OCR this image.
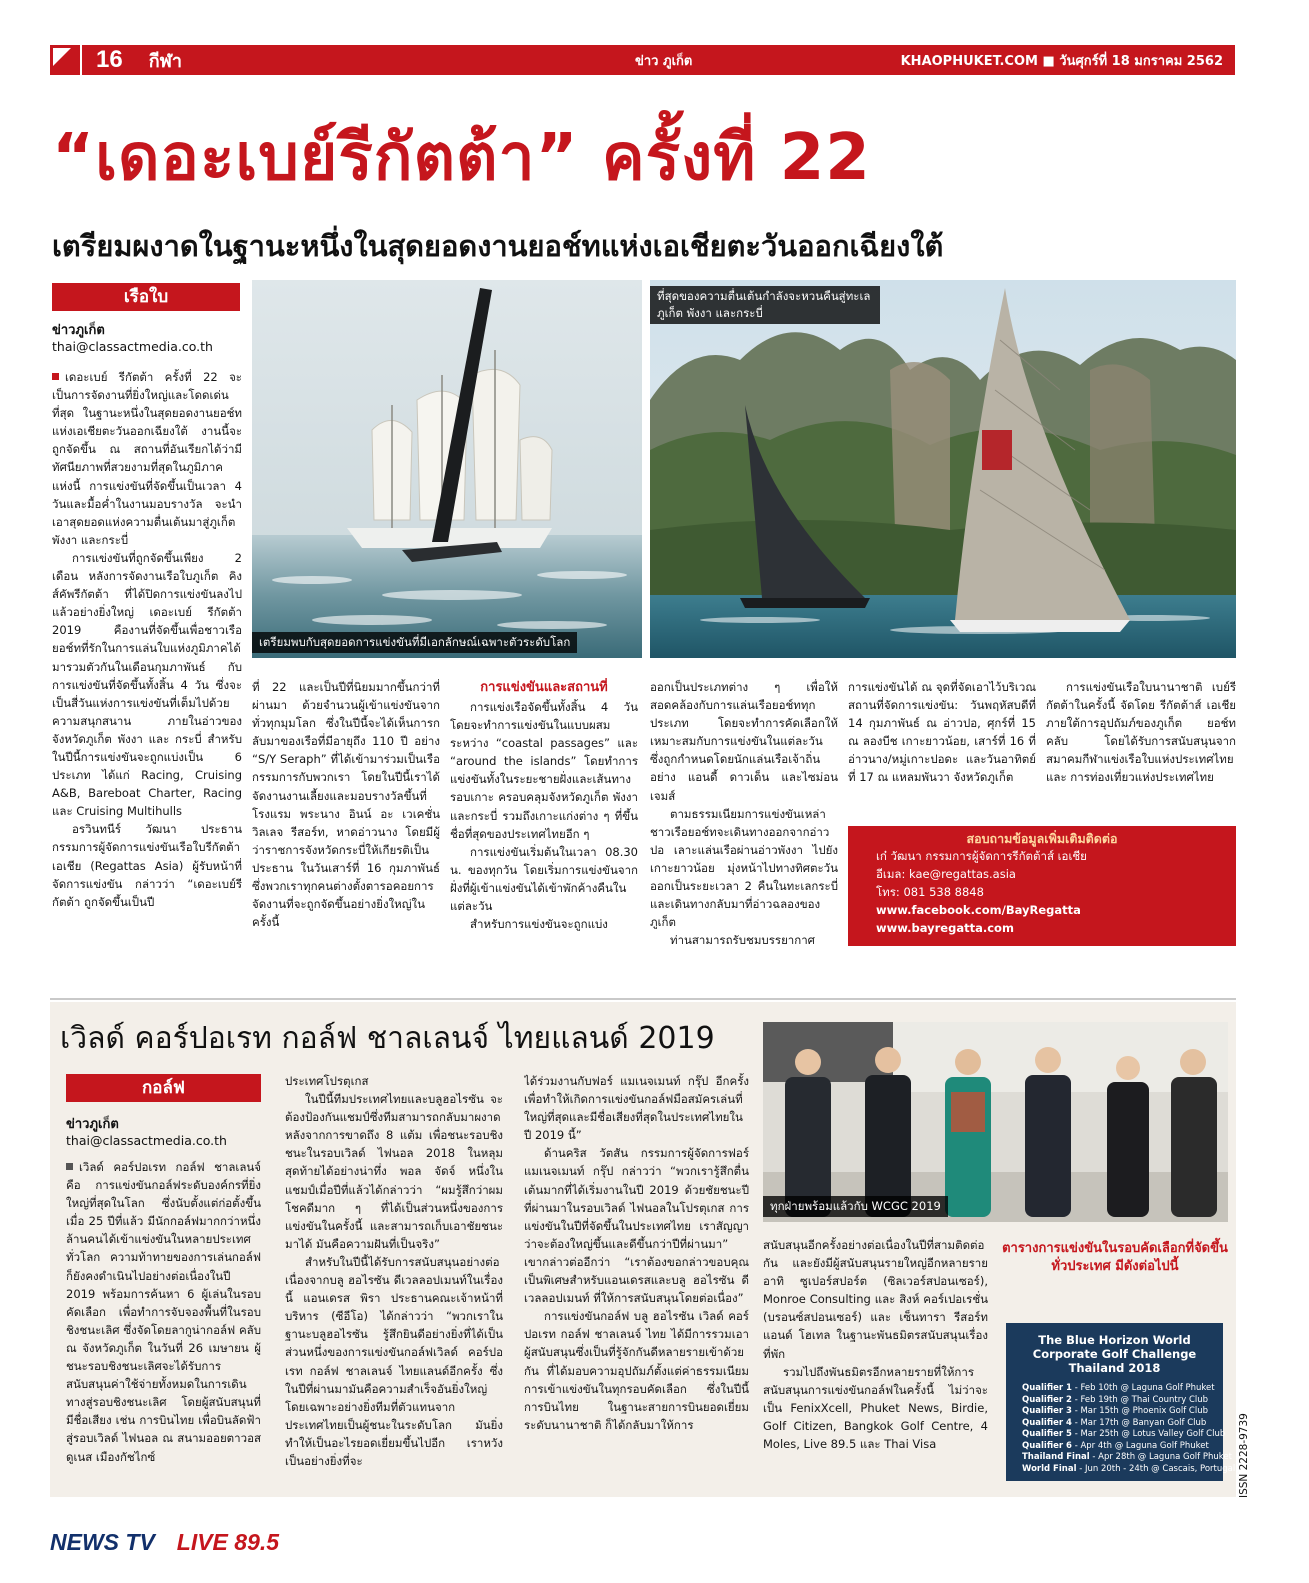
16 กีฬา	ข่าว ภูเก็ต	KHAOPHUKET.COM ■ วันศุกร์ที่ 18 มกราคม 2562
“เดอะเบย์รีกัตต้า” ครั้งที่ 22
เตรียมผงาดในฐานะหนึ่งในสุดยอดงานยอช์ทแห่งเอเชียตะวันออกเฉียงใต้
เรือใบ
ข่าวภูเก็ต
thai@classactmedia.co.th
เตรียมพบกับสุดยอดการแข่งขันที่มีเอกลักษณ์เฉพาะตัวระดับโลก
ที่สุดของความตื่นเต้นกำลังจะหวนคืนสู่ทะเล ภูเก็ต พังงา และกระบี่

เดอะเบย์ รีกัตต้า ครั้งที่ 22 จะเป็นการจัดงานที่ยิ่งใหญ่และโดดเด่นที่สุด ในฐานะหนึ่งในสุดยอดงานยอช์ทแห่งเอเชียตะวันออกเฉียงใต้ งานนี้จะถูกจัดขึ้น ณ สถานที่อันเรียกได้ว่ามีทัศนียภาพที่สวยงามที่สุดในภูมิภาคแห่งนี้ การแข่งขันที่จัดขึ้นเป็นเวลา 4 วันและมื้อค่ำในงานมอบรางวัล จะนำเอาสุดยอดแห่งความตื่นเต้นมาสู่ภูเก็ต พังงา และกระบี่

การแข่งขันที่ถูกจัดขึ้นเพียง 2 เดือน หลังการจัดงานเรือใบภูเก็ต คิงส์คัพรีกัตต้า ที่ได้ปิดการแข่งขันลงไปแล้วอย่างยิ่งใหญ่ เดอะเบย์ รีกัตต้า 2019 คืองานที่จัดขึ้นเพื่อชาวเรือยอช์ทที่รักในการแล่นใบแห่งภูมิภาคได้มารวมตัวกันในเดือนกุมภาพันธ์ กับการแข่งขันที่จัดขึ้นทั้งสิ้น 4 วัน ซึ่งจะเป็นสี่วันแห่งการแข่งขันที่เต็มไปด้วยความสนุกสนาน ภายในอ่าวของจังหวัดภูเก็ต พังงา และ กระบี่ สำหรับในปีนี้การแข่งขันจะถูกแบ่งเป็น 6 ประเภท ได้แก่ Racing, Cruising A&B, Bareboat Charter, Racing และ Cruising Multihulls

อรวินทนีร์ วัฒนา ประธานกรรมการผู้จัดการแข่งขันเรือใบรีกัตต้า เอเชีย (Regattas Asia) ผู้รับหน้าที่จัดการแข่งขัน กล่าวว่า “เดอะเบย์รีกัตต้า ถูกจัดขึ้นเป็นปี

ที่ 22 และเป็นปีที่นิยมมากขึ้นกว่าที่ผ่านมา ด้วยจำนวนผู้เข้าแข่งขันจากทั่วทุกมุมโลก ซึ่งในปีนี้จะได้เห็นการกลับมาของเรือที่มีอายุถึง 110 ปี อย่าง “S/Y Seraph” ที่ได้เข้ามาร่วมเป็นเรือกรรมการกับพวกเรา โดยในปีนี้เราได้จัดงานงานเลี้ยงและมอบรางวัลขึ้นที่โรงแรม พระนาง อินน์ อะ เวเคชั่น วิลเลจ รีสอร์ท, หาดอ่าวนาง โดยมีผู้ว่าราชการจังหวัดกระบี่ให้เกียรติเป็นประธาน ในวันเสาร์ที่ 16 กุมภาพันธ์ ซึ่งพวกเราทุกคนต่างตั้งตารอคอยการจัดงานที่จะถูกจัดขึ้นอย่างยิ่งใหญ่ในครั้งนี้

การแข่งขันและสถานที่

การแข่งเรือจัดขึ้นทั้งสิ้น 4 วัน โดยจะทำการแข่งขันในแบบผสมระหว่าง “coastal passages” และ “around the islands” โดยทำการแข่งขันทั้งในระยะชายฝั่งและเส้นทางรอบเกาะ ครอบคลุมจังหวัดภูเก็ต พังงา และกระบี่ รวมถึงเกาะแก่งต่าง ๆ ที่ขึ้นชื่อที่สุดของประเทศไทยอีก ๆ

การแข่งขันเริ่มต้นในเวลา 08.30 น. ของทุกวัน โดยเริ่มการแข่งขันจากฝั่งที่ผู้เข้าแข่งขันได้เข้าพักค้างคืนในแต่ละวัน

สำหรับการแข่งขันจะถูกแบ่ง

ออกเป็นประเภทต่าง ๆ เพื่อให้สอดคล้องกับการแล่นเรือยอช์ททุกประเภท โดยจะทำการคัดเลือกให้เหมาะสมกับการแข่งขันในแต่ละวัน ซึ่งถูกกำหนดโดยนักแล่นเรือเจ้าถิ่นอย่าง แอนดี้ ดาวเด็น และไซม่อน เจมส์

ตามธรรมเนียมการแข่งขันเหล่าชาวเรือยอช์ทจะเดินทางออกจากอ่าวปอ เลาะแล่นเรือผ่านอ่าวพังงา ไปยังเกาะยาวน้อย มุ่งหน้าไปทางทิศตะวันออกเป็นระยะเวลา 2 คืนในทะเลกระบี่ และเดินทางกลับมาที่อ่าวฉลองของภูเก็ต

ท่านสามารถรับชมบรรยากาศ

การแข่งขันได้ ณ จุดที่จัดเอาไว้บริเวณสถานที่จัดการแข่งขัน: วันพฤหัสบดีที่ 14 กุมภาพันธ์ ณ อ่าวปอ, ศุกร์ที่ 15 ณ ลองบีช เกาะยาวน้อย, เสาร์ที่ 16 ที่ อ่าวนาง/หมู่เกาะปอดะ และวันอาทิตย์ที่ 17 ณ แหลมพันวา จังหวัดภูเก็ต

การแข่งขันเรือใบนานาชาติ เบย์รีกัตต้าในครั้งนี้ จัดโดย รีกัตต้าส์ เอเชีย ภายใต้การอุปถัมภ์ของภูเก็ต ยอช์ท คลับ โดยได้รับการสนับสนุนจากสมาคมกีฬาแข่งเรือใบแห่งประเทศไทย และ การท่องเที่ยวแห่งประเทศไทย

สอบถามข้อมูลเพิ่มเติมติดต่อ
เก๋ วัฒนา กรรมการผู้จัดการรีกัตต้าส์ เอเชีย
อีเมล: kae@regattas.asia
โทร: 081 538 8848
www.facebook.com/BayRegatta
www.bayregatta.com
เวิลด์ คอร์ปอเรท กอล์ฟ ชาลเลนจ์ ไทยแลนด์ 2019
กอล์ฟ
ข่าวภูเก็ต
thai@classactmedia.co.th
ทุกฝ่ายพร้อมแล้วกับ WCGC 2019

เวิลด์ คอร์ปอเรท กอล์ฟ ชาลเลนจ์ คือ การแข่งขันกอล์ฟระดับองค์กรที่ยิ่งใหญ่ที่สุดในโลก ซึ่งนับตั้งแต่ก่อตั้งขึ้นเมื่อ 25 ปีที่แล้ว มีนักกอล์ฟมากกว่าหนึ่งล้านคนได้เข้าแข่งขันในหลายประเทศทั่วโลก ความท้าทายของการเล่นกอล์ฟก็ยังคงดำเนินไปอย่างต่อเนื่องในปี 2019 พร้อมการค้นหา 6 ผู้เล่นในรอบคัดเลือก เพื่อทำการจับจองพื้นที่ในรอบชิงชนะเลิศ ซึ่งจัดโดยลากูน่ากอล์ฟ คลับ ณ จังหวัดภูเก็ต ในวันที่ 26 เมษายน ผู้ชนะรอบชิงชนะเลิศจะได้รับการสนับสนุนค่าใช้จ่ายทั้งหมดในการเดินทางสู่รอบชิงชนะเลิศ โดยผู้สนับสนุนที่มีชื่อเสียง เช่น การบินไทย เพื่อบินลัดฟ้าสู่รอบเวิลด์ ไฟนอล ณ สนามออยตาวอส ดูเนส เมืองกัชไกซ์

ประเทศโปรตุเกส

ในปีนี้ทีมประเทศไทยและบลูฮอไรซัน จะต้องป้องกันแชมป์ซึ่งทีมสามารถกลับมาผงาดหลังจากการขาดถึง 8 แต้ม เพื่อชนะรอบชิงชนะในรอบเวิลด์ ไฟนอล 2018 ในหลุมสุดท้ายได้อย่างน่าทึ่ง พอล จัดจ์ หนึ่งในแชมป์เมื่อปีที่แล้วได้กล่าวว่า “ผมรู้สึกว่าผมโชคดีมาก ๆ ที่ได้เป็นส่วนหนึ่งของการแข่งขันในครั้งนี้ และสามารถเก็บเอาชัยชนะมาได้ มันคือความฝันที่เป็นจริง”

สำหรับในปีนี้ได้รับการสนับสนุนอย่างต่อเนื่องจากบลู ฮอไรซัน ดีเวลลอปเมนท์ในเรื่องนี้ แอนเดรส พิรา ประธานคณะเจ้าหน้าที่บริหาร (ซีอีโอ) ได้กล่าวว่า “พวกเราในฐานะบลูฮอไรซัน รู้สึกยินดีอย่างยิ่งที่ได้เป็นส่วนหนึ่งของการแข่งขันกอล์ฟเวิลด์ คอร์ปอเรท กอล์ฟ ชาลเลนจ์ ไทยแลนด์อีกครั้ง ซึ่งในปีที่ผ่านมามันคือความสำเร็จอันยิ่งใหญ่ โดยเฉพาะอย่างยิ่งทีมที่ตัวแทนจากประเทศไทยเป็นผู้ชนะในระดับโลก มันยิ่งทำให้เป็นอะไรยอดเยี่ยมขึ้นไปอีก เราหวังเป็นอย่างยิ่งที่จะ

ได้ร่วมงานกับฟอร์ แมเนจเมนท์ กรุ๊ป อีกครั้ง เพื่อทำให้เกิดการแข่งขันกอล์ฟมือสมัครเล่นที่ใหญ่ที่สุดและมีชื่อเสียงที่สุดในประเทศไทยในปี 2019 นี้”

ด้านคริส วัตสัน กรรมการผู้จัดการฟอร์ แมเนจเมนท์ กรุ๊ป กล่าวว่า “พวกเรารู้สึกตื่นเต้นมากที่ได้เริ่มงานในปี 2019 ด้วยชัยชนะปีที่ผ่านมาในรอบเวิลด์ ไฟนอลในโปรตุเกส การแข่งขันในปีที่จัดขึ้นในประเทศไทย เราสัญญาว่าจะต้องใหญ่ขึ้นและดีขึ้นกว่าปีที่ผ่านมา” เขากล่าวต่ออีกว่า “เราต้องขอกล่าวขอบคุณเป็นพิเศษสำหรับแอนเดรสและบลู ฮอไรซัน ดีเวลลอปเมนท์ ที่ให้การสนับสนุนโดยต่อเนื่อง”

การแข่งขันกอล์ฟ บลู ฮอไรซัน เวิลด์ คอร์ปอเรท กอล์ฟ ชาลเลนจ์ ไทย ได้มีการรวมเอาผู้สนับสนุนซึ่งเป็นที่รู้จักกันดีหลายรายเข้าด้วยกัน ที่ได้มอบความอุปถัมภ์ตั้งแต่ค่าธรรมเนียมการเข้าแข่งขันในทุกรอบคัดเลือก ซึ่งในปีนี้การบินไทย ในฐานะสายการบินยอดเยี่ยมระดับนานาชาติ ก็ได้กลับมาให้การ

สนับสนุนอีกครั้งอย่างต่อเนื่องในปีที่สามติดต่อกัน และยังมีผู้สนับสนุนรายใหญ่อีกหลายราย อาทิ ซูเปอร์สปอร์ต (ซิลเวอร์สปอนเซอร์), Monroe Consulting และ สิงห์ คอร์เปอเรชั่น (บรอนซ์สปอนเซอร์) และ เซ็นทารา รีสอร์ท แอนด์ โฮเทล ในฐานะพันธมิตรสนับสนุนเรื่องที่พัก

รวมไปถึงพันธมิตรอีกหลายรายที่ให้การสนับสนุนการแข่งขันกอล์ฟในครั้งนี้ ไม่ว่าจะเป็น FenixXcell, Phuket News, Birdie, Golf Citizen, Bangkok Golf Centre, 4 Moles, Live 89.5 และ Thai Visa

ตารางการแข่งขันในรอบคัดเลือกที่จัดขึ้นทั่วประเทศ มีดังต่อไปนี้
The Blue Horizon World Corporate Golf Challenge Thailand 2018
Qualifier 1 - Feb 10th @ Laguna Golf Phuket
Qualifier 2 - Feb 19th @ Thai Country Club
Qualifier 3 - Mar 15th @ Phoenix Golf Club
Qualifier 4 - Mar 17th @ Banyan Golf Club
Qualifier 5 - Mar 25th @ Lotus Valley Golf Club
Qualifier 6 - Apr 4th @ Laguna Golf Phuket
Thailand Final - Apr 28th @ Laguna Golf Phuket
World Final - Jun 20th - 24th @ Cascais, Portugal ISSN 2228-9739
NEWS TV LIVE 89.5
